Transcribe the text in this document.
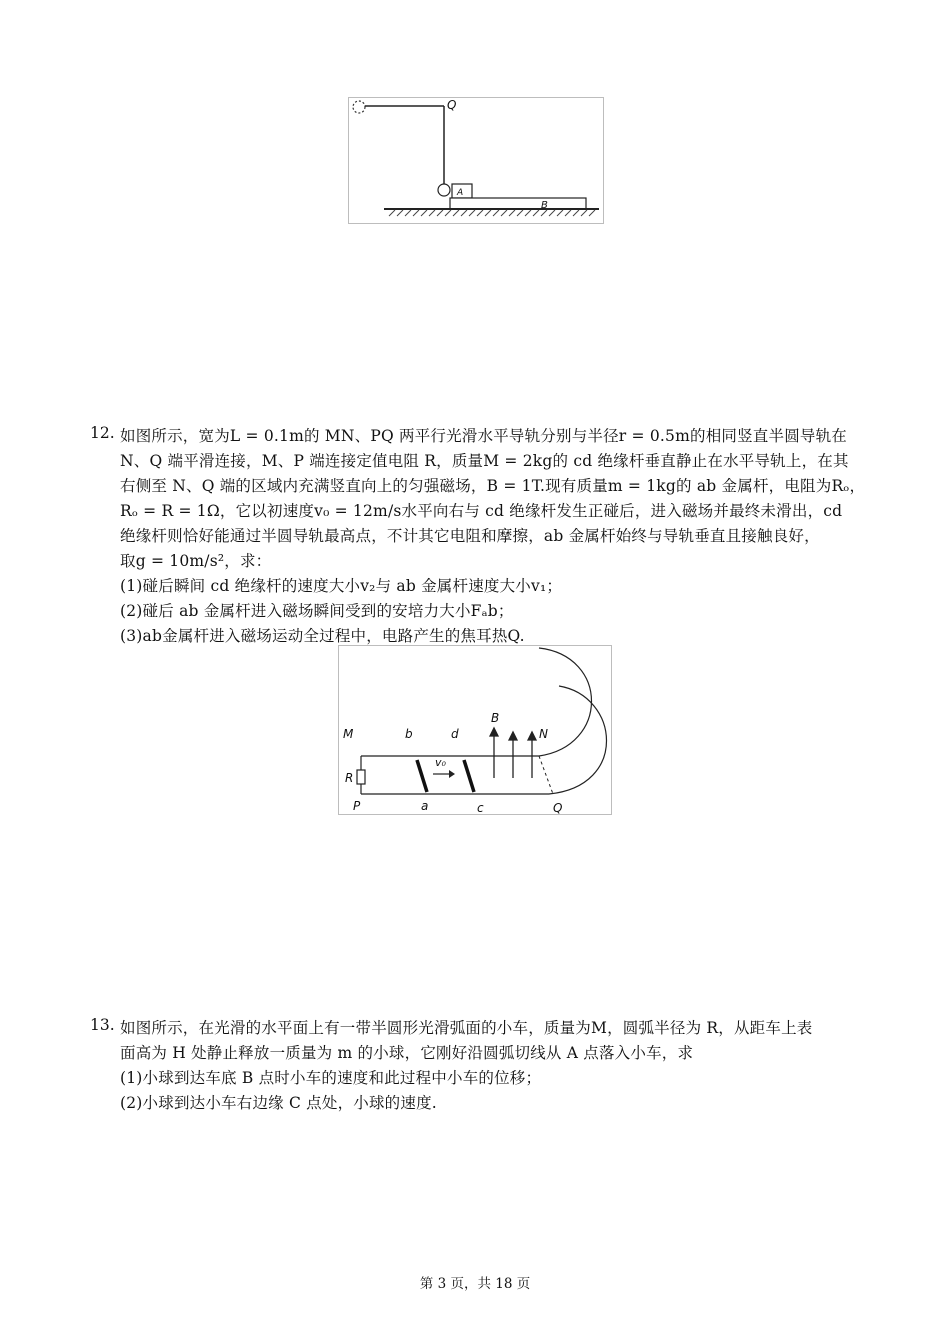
Q
A
B
12. 如图所示，宽为L = 0.1m的 MN、PQ 两平行光滑水平导轨分别与半径r = 0.5m的相同竖直半圆导轨在
N、Q 端平滑连接，M、P 端连接定值电阻 R，质量M = 2kg的 cd 绝缘杆垂直静止在水平导轨上，在其
右侧至 N、Q 端的区域内充满竖直向上的匀强磁场，B = 1T.现有质量m = 1kg的 ab 金属杆，电阻为Rₒ，
Rₒ = R = 1Ω，它以初速度v₀ = 12m/s水平向右与 cd 绝缘杆发生正碰后，进入磁场并最终未滑出，cd
绝缘杆则恰好能通过半圆导轨最高点，不计其它电阻和摩擦，ab 金属杆始终与导轨垂直且接触良好，
取g = 10m/s²，求：
(1)碰后瞬间 cd 绝缘杆的速度大小v₂与 ab 金属杆速度大小v₁；
(2)碰后 ab 金属杆进入磁场瞬间受到的安培力大小Fₐb；
(3)ab金属杆进入磁场运动全过程中，电路产生的焦耳热Q.
M	b	d
B
N
R
v₀
P	a	c	Q
13. 如图所示，在光滑的水平面上有一带半圆形光滑弧面的小车，质量为M，圆弧半径为 R，从距车上表
面高为 H 处静止释放一质量为 m 的小球，它刚好沿圆弧切线从 A 点落入小车，求
(1)小球到达车底 B 点时小车的速度和此过程中小车的位移；
(2)小球到达小车右边缘 C 点处，小球的速度.
第 3 页，共 18 页
